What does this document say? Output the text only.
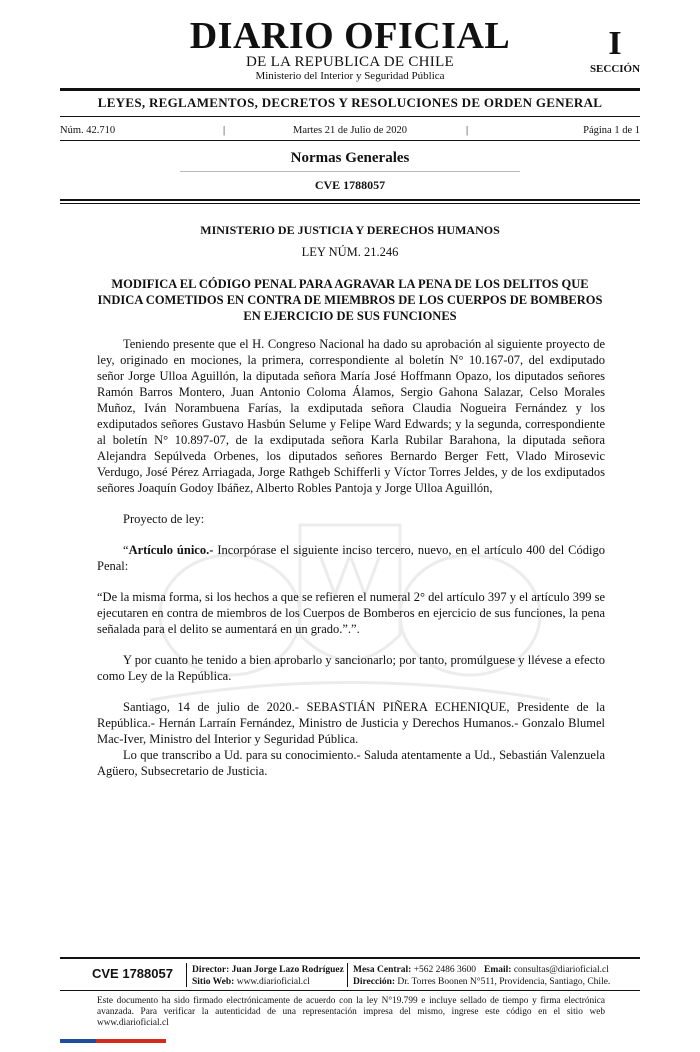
DIARIO OFICIAL
DE LA REPUBLICA DE CHILE
Ministerio del Interior y Seguridad Pública
I
SECCIÓN
LEYES, REGLAMENTOS, DECRETOS Y RESOLUCIONES DE ORDEN GENERAL
Núm. 42.710	|	Martes 21 de Julio de 2020	|	Página 1 de 1
Normas Generales
CVE 1788057
MINISTERIO DE JUSTICIA Y DERECHOS HUMANOS
LEY NÚM. 21.246
MODIFICA EL CÓDIGO PENAL PARA AGRAVAR LA PENA DE LOS DELITOS QUE INDICA COMETIDOS EN CONTRA DE MIEMBROS DE LOS CUERPOS DE BOMBEROS EN EJERCICIO DE SUS FUNCIONES

Teniendo presente que el H. Congreso Nacional ha dado su aprobación al siguiente proyecto de ley, originado en mociones, la primera, correspondiente al boletín N° 10.167-07, del exdiputado señor Jorge Ulloa Aguillón, la diputada señora María José Hoffmann Opazo, los diputados señores Ramón Barros Montero, Juan Antonio Coloma Álamos, Sergio Gahona Salazar, Celso Morales Muñoz, Iván Norambuena Farías, la exdiputada señora Claudia Nogueira Fernández y los exdiputados señores Gustavo Hasbún Selume y Felipe Ward Edwards; y la segunda, correspondiente al boletín N° 10.897-07, de la exdiputada señora Karla Rubilar Barahona, la diputada señora Alejandra Sepúlveda Orbenes, los diputados señores Bernardo Berger Fett, Vlado Mirosevic Verdugo, José Pérez Arriagada, Jorge Rathgeb Schifferli y Víctor Torres Jeldes, y de los exdiputados señores Joaquín Godoy Ibáñez, Alberto Robles Pantoja y Jorge Ulloa Aguillón,

Proyecto de ley:

“Artículo único.- Incorpórase el siguiente inciso tercero, nuevo, en el artículo 400 del Código Penal:

“De la misma forma, si los hechos a que se refieren el numeral 2° del artículo 397 y el artículo 399 se ejecutaren en contra de miembros de los Cuerpos de Bomberos en ejercicio de sus funciones, la pena señalada para el delito se aumentará en un grado.”.”.

Y por cuanto he tenido a bien aprobarlo y sancionarlo; por tanto, promúlguese y llévese a efecto como Ley de la República.

Santiago, 14 de julio de 2020.- SEBASTIÁN PIÑERA ECHENIQUE, Presidente de la República.- Hernán Larraín Fernández, Ministro de Justicia y Derechos Humanos.- Gonzalo Blumel Mac-Iver, Ministro del Interior y Seguridad Pública.

Lo que transcribo a Ud. para su conocimiento.- Saluda atentamente a Ud., Sebastián Valenzuela Agüero, Subsecretario de Justicia.

CVE 1788057 Director: Juan Jorge Lazo Rodríguez
Sitio Web: www.diarioficial.cl
Mesa Central: +562 2486 3600 Email: consultas@diarioficial.cl
Dirección: Dr. Torres Boonen N°511, Providencia, Santiago, Chile.
Este documento ha sido firmado electrónicamente de acuerdo con la ley N°19.799 e incluye sellado de tiempo y firma electrónica avanzada. Para verificar la autenticidad de una representación impresa del mismo, ingrese este código en el sitio web www.diarioficial.cl
